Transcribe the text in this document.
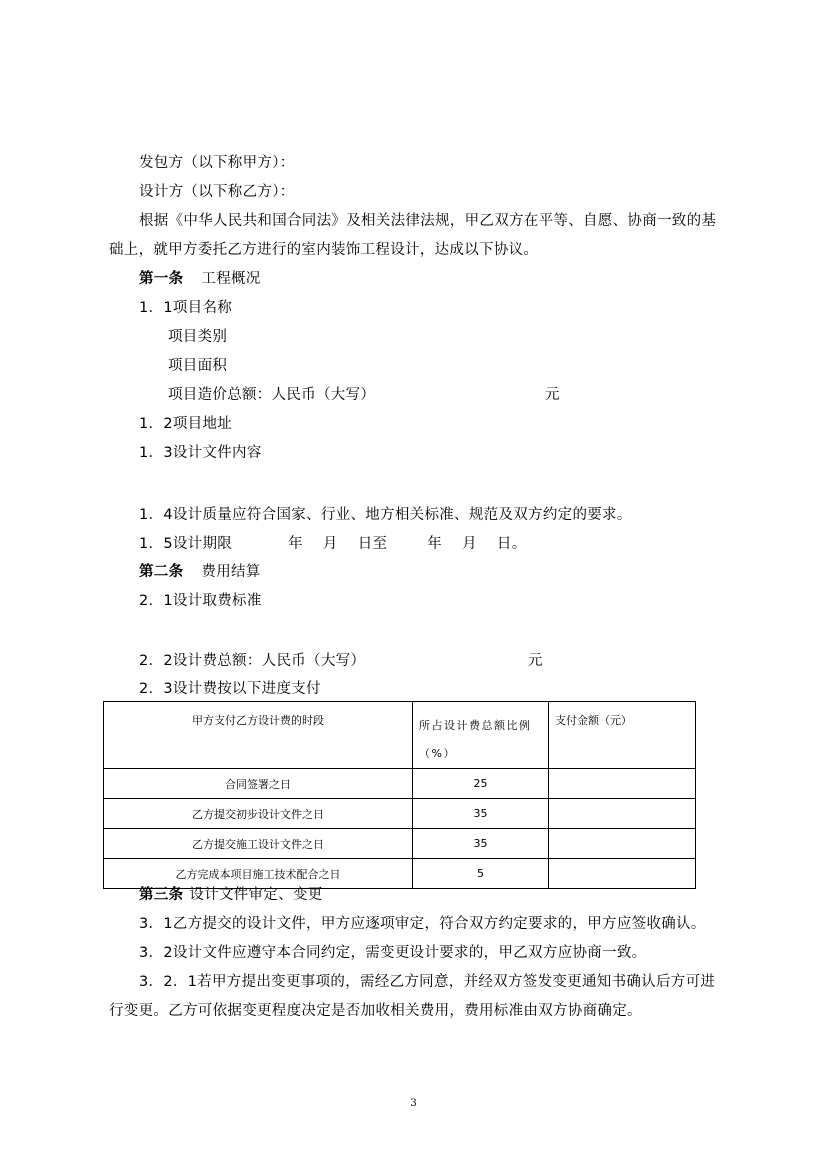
发包方（以下称甲方）：
设计方（以下称乙方）：
根据《中华人民共和国合同法》及相关法律法规，甲乙双方在平等、自愿、协商一致的基
础上，就甲方委托乙方进行的室内装饰工程设计，达成以下协议。
第一条 工程概况
1．1项目名称
项目类别
项目面积
项目造价总额：人民币（大写）	元
1．2项目地址
1．3设计文件内容
1．4设计质量应符合国家、行业、地方相关标准、规范及双方约定的要求。
1．5设计期限	年 月 日至	年 月 日。
第二条 费用结算
2．1设计取费标准
2．2设计费总额：人民币（大写）	元
2．3设计费按以下进度支付
甲方支付乙方设计费的时段	所占设计费总额比例（%）	支付金额（元）
合同签署之日	25	
乙方提交初步设计文件之日	35	
乙方提交施工设计文件之日	35	
乙方完成本项目施工技术配合之日	5	
第三条 设计文件审定、变更
3．1乙方提交的设计文件，甲方应逐项审定，符合双方约定要求的，甲方应签收确认。
3．2设计文件应遵守本合同约定，需变更设计要求的，甲乙双方应协商一致。
3．2．1若甲方提出变更事项的，需经乙方同意，并经双方签发变更通知书确认后方可进
行变更。乙方可依据变更程度决定是否加收相关费用，费用标准由双方协商确定。
3
